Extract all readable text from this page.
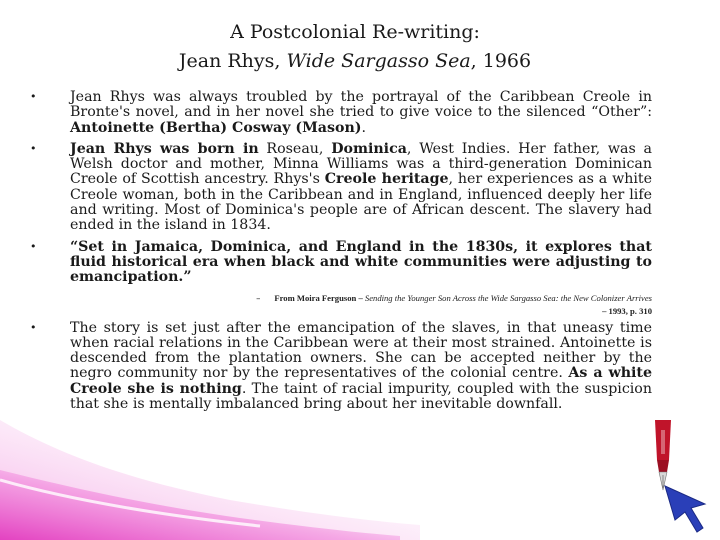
A Postcolonial Re-writing:
Jean Rhys, Wide Sargasso Sea, 1966
• Jean Rhys was always troubled by the portrayal of the Caribbean Creole in Bronte's novel, and in her novel she tried to give voice to the silenced “Other”: Antoinette (Bertha) Cosway (Mason).
• Jean Rhys was born in Roseau, Dominica, West Indies. Her father, was a Welsh doctor and mother, Minna Williams was a third-generation Dominican Creole of Scottish ancestry. Rhys's Creole heritage, her experiences as a white Creole woman, both in the Caribbean and in England, influenced deeply her life and writing. Most of Dominica's people are of African descent. The slavery had ended in the island in 1834.
• “Set in Jamaica, Dominica, and England in the 1830s, it explores that fluid historical era when black and white communities were adjusting to emancipation.”
– From Moira Ferguson – Sending the Younger Son Across the Wide Sargasso Sea: the New Colonizer Arrives
– 1993, p. 310
• The story is set just after the emancipation of the slaves, in that uneasy time when racial relations in the Caribbean were at their most strained. Antoinette is descended from the plantation owners. She can be accepted neither by the negro community nor by the representatives of the colonial centre. As a white Creole she is nothing. The taint of racial impurity, coupled with the suspicion that she is mentally imbalanced bring about her inevitable downfall.
